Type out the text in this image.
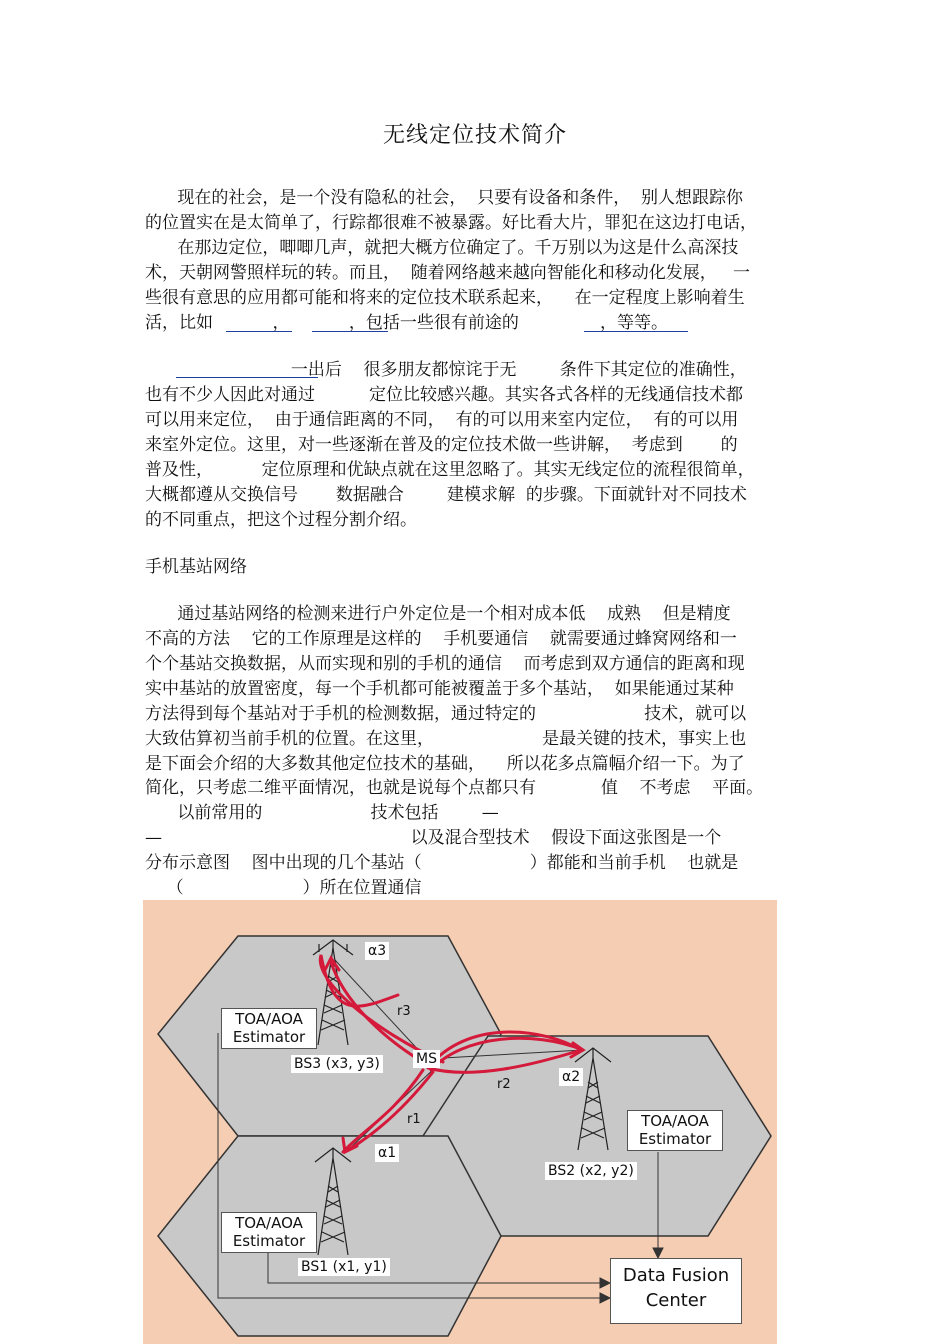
无线定位技术简介
现在的社会，是一个没有隐私的社会，  只要有设备和条件，  别人想跟踪你
的位置实在是太简单了，行踪都很难不被暴露。好比看大片，罪犯在这边打电话，
在那边定位，唧唧几声，就把大概方位确定了。千万别以为这是什么高深技
术，天朝网警照样玩的转。而且，  随着网络越来越向智能化和移动化发展，   一
些很有意思的应用都可能和将来的定位技术联系起来，    在一定程度上影响着生
活，比如           ，           ，包括一些很有前途的               ，等等。
一出后    很多朋友都惊诧于无        条件下其定位的准确性，
也有不少人因此对通过          定位比较感兴趣。其实各式各样的无线通信技术都
可以用来定位，  由于通信距离的不同，  有的可以用来室内定位，  有的可以用
来室外定位。这里，对一些逐渐在普及的定位技术做一些讲解，  考虑到       的
普及性，         定位原理和优缺点就在这里忽略了。其实无线定位的流程很简单，
大概都遵从交换信号       数据融合        建模求解  的步骤。下面就针对不同技术
的不同重点，把这个过程分割介绍。
手机基站网络
通过基站网络的检测来进行户外定位是一个相对成本低    成熟    但是精度
不高的方法    它的工作原理是这样的    手机要通信    就需要通过蜂窝网络和一
个个基站交换数据，从而实现和别的手机的通信    而考虑到双方通信的距离和现
实中基站的放置密度，每一个手机都可能被覆盖于多个基站，  如果能通过某种
方法得到每个基站对于手机的检测数据，通过特定的                    技术，就可以
大致估算初当前手机的位置。在这里，                    是最关键的技术，事实上也
是下面会介绍的大多数其他定位技术的基础，    所以花多点篇幅介绍一下。为了
简化，只考虑二维平面情况，也就是说每个点都只有            值    不考虑    平面。
以前常用的                    技术包括        —
—                                              以及混合型技术    假设下面这张图是一个
分布示意图    图中出现的几个基站（                    ）都能和当前手机    也就是
（                      ）所在位置通信
TOA/AOA
Estimator
TOA/AOA
Estimator
TOA/AOA
Estimator
Data Fusion
Center
MS
BS3 (x3, y3)
BS2 (x2, y2)
BS1 (x1, y1)
α3
α2
α1
r3
r2
r1
